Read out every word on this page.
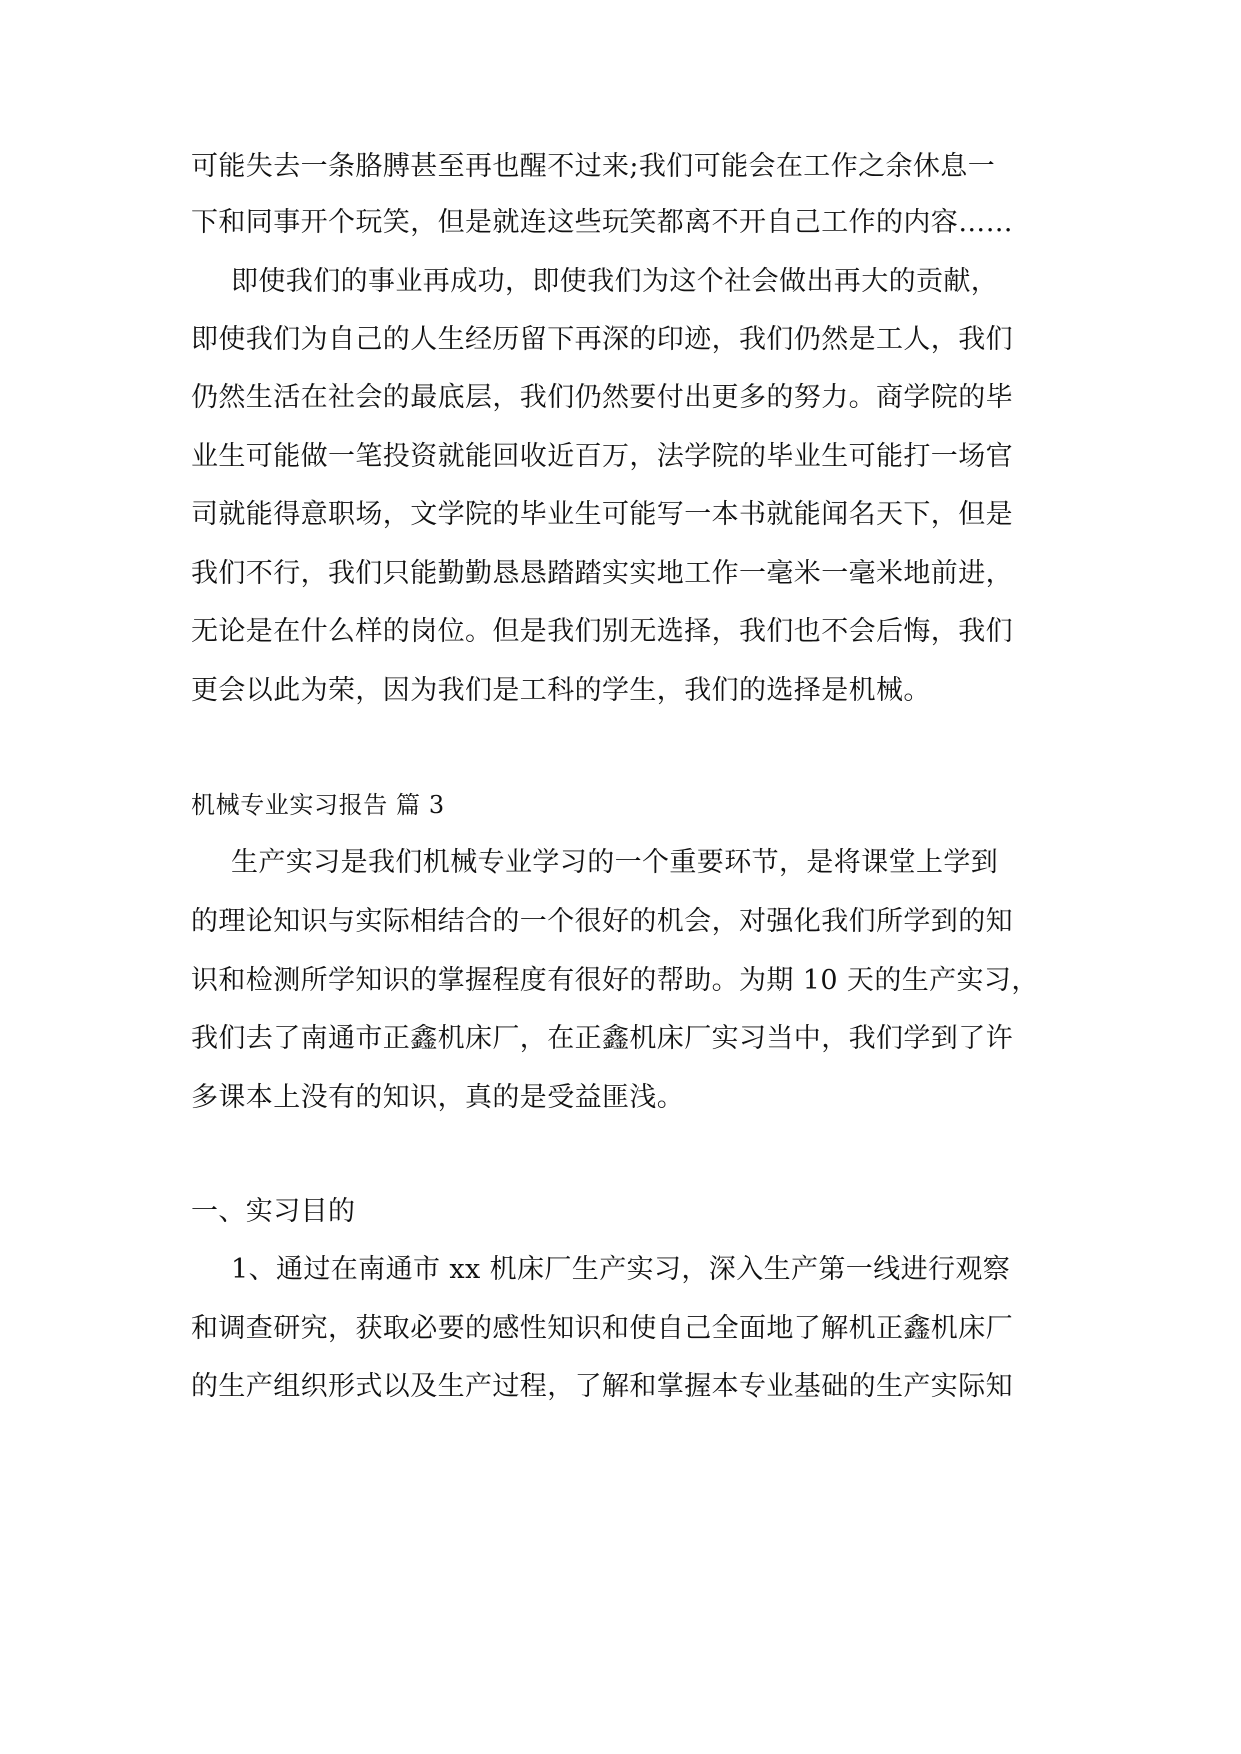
可能失去一条胳膊甚至再也醒不过来;我们可能会在工作之余休息一
下和同事开个玩笑，但是就连这些玩笑都离不开自己工作的内容……
即使我们的事业再成功，即使我们为这个社会做出再大的贡献，
即使我们为自己的人生经历留下再深的印迹，我们仍然是工人，我们
仍然生活在社会的最底层，我们仍然要付出更多的努力。商学院的毕
业生可能做一笔投资就能回收近百万，法学院的毕业生可能打一场官
司就能得意职场，文学院的毕业生可能写一本书就能闻名天下，但是
我们不行，我们只能勤勤恳恳踏踏实实地工作一毫米一毫米地前进，
无论是在什么样的岗位。但是我们别无选择，我们也不会后悔，我们
更会以此为荣，因为我们是工科的学生，我们的选择是机械。
机械专业实习报告 篇 3
生产实习是我们机械专业学习的一个重要环节，是将课堂上学到
的理论知识与实际相结合的一个很好的机会，对强化我们所学到的知
识和检测所学知识的掌握程度有很好的帮助。为期 10 天的生产实习，
我们去了南通市正鑫机床厂，在正鑫机床厂实习当中，我们学到了许
多课本上没有的知识，真的是受益匪浅。
一、实习目的
1、通过在南通市 xx 机床厂生产实习，深入生产第一线进行观察
和调查研究，获取必要的感性知识和使自己全面地了解机正鑫机床厂
的生产组织形式以及生产过程，了解和掌握本专业基础的生产实际知
